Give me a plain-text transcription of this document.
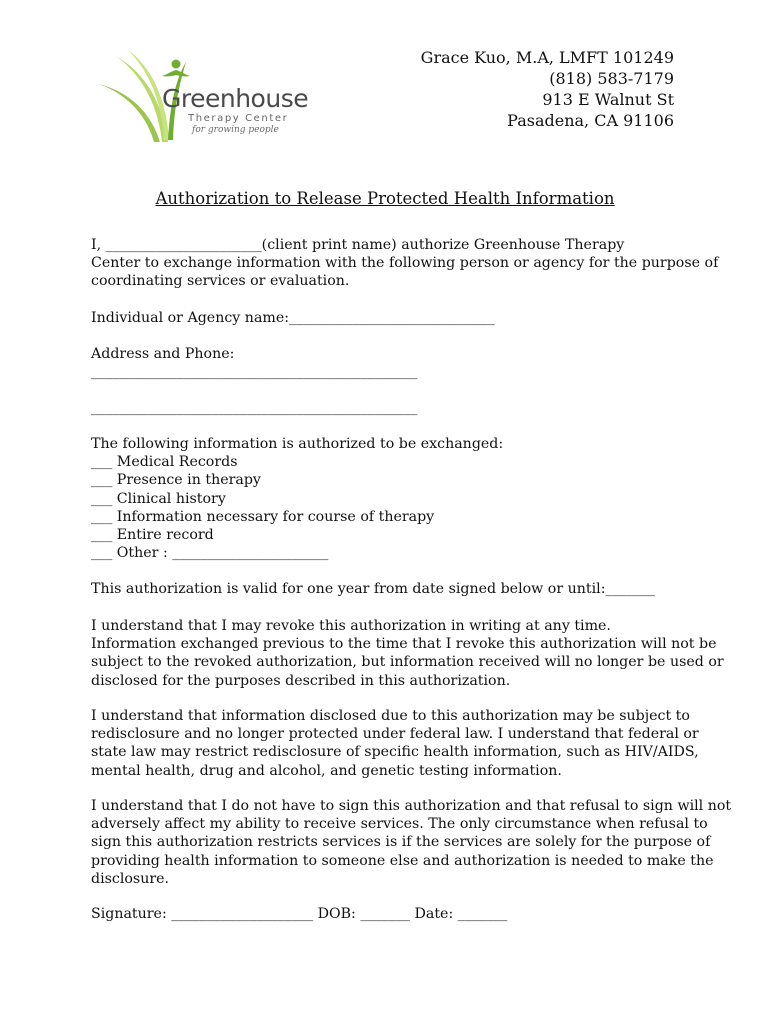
Greenhouse
Therapy Center
for growing people
Grace Kuo, M.A, LMFT 101249
(818) 583-7179
913 E Walnut St
Pasadena, CA 91106
Authorization to Release Protected Health Information
I, ______________________(client print name) authorize Greenhouse Therapy
Center to exchange information with the following person or agency for the purpose of
coordinating services or evaluation.
Individual or Agency name:_____________________________
Address and Phone:
______________________________________________
______________________________________________
The following information is authorized to be exchanged:
___ Medical Records
___ Presence in therapy
___ Clinical history
___ Information necessary for course of therapy
___ Entire record
___ Other : ______________________
This authorization is valid for one year from date signed below or until:_______
I understand that I may revoke this authorization in writing at any time.
Information exchanged previous to the time that I revoke this authorization will not be
subject to the revoked authorization, but information received will no longer be used or
disclosed for the purposes described in this authorization.
I understand that information disclosed due to this authorization may be subject to
redisclosure and no longer protected under federal law. I understand that federal or
state law may restrict redisclosure of specific health information, such as HIV/AIDS,
mental health, drug and alcohol, and genetic testing information.
I understand that I do not have to sign this authorization and that refusal to sign will not
adversely affect my ability to receive services. The only circumstance when refusal to
sign this authorization restricts services is if the services are solely for the purpose of
providing health information to someone else and authorization is needed to make the
disclosure.
Signature: ____________________ DOB: _______ Date: _______
